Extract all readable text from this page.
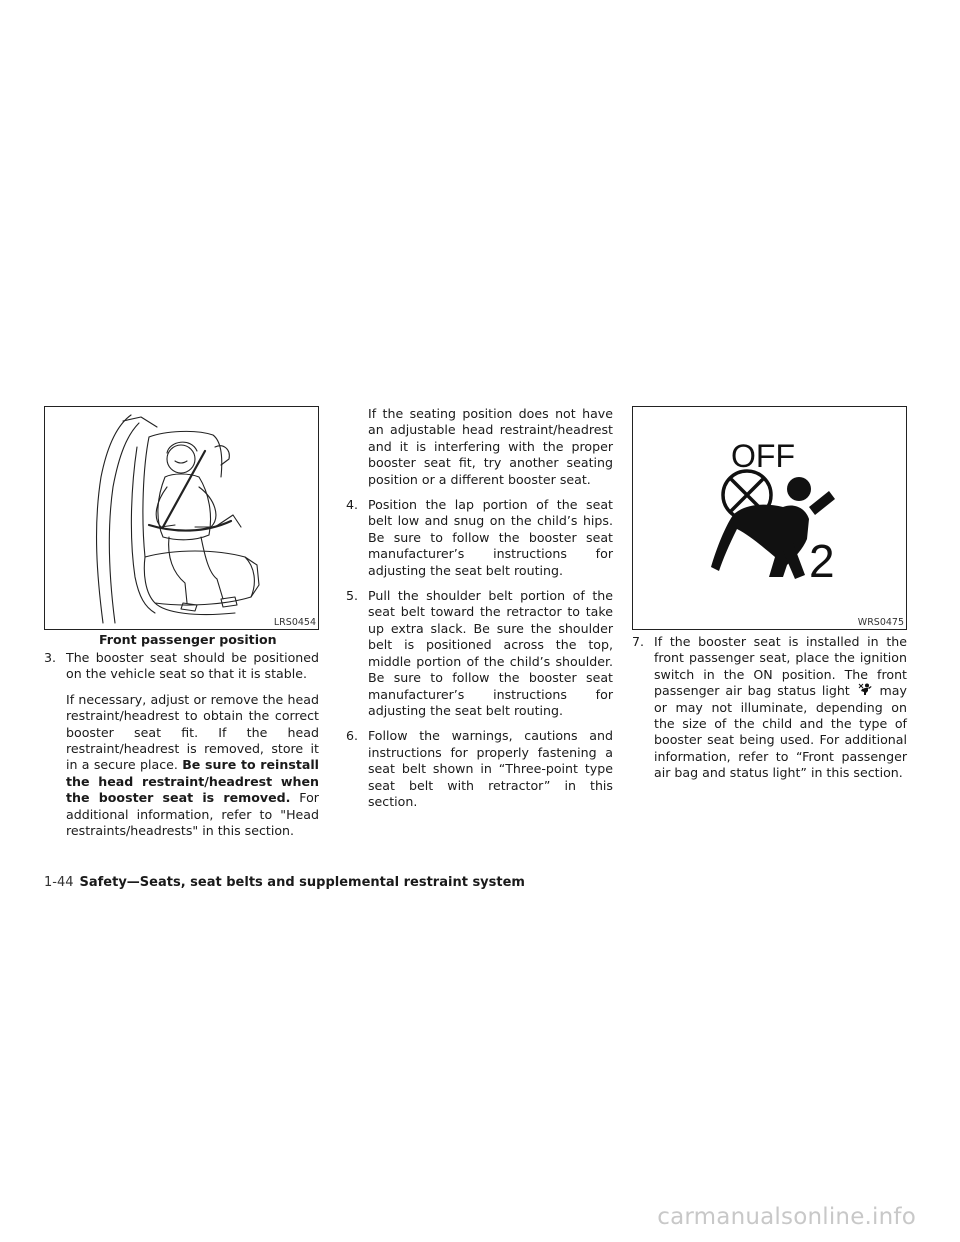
LRS0454
Front passenger position
3. The booster seat should be positioned on the vehicle seat so that it is stable.

If necessary, adjust or remove the head restraint/headrest to obtain the correct booster seat fit. If the head restraint/headrest is removed, store it in a secure place. Be sure to reinstall the head restraint/headrest when the booster seat is removed. For additional information, refer to "Head restraints/headrests" in this section.

If the seating position does not have an adjustable head restraint/headrest and it is interfering with the proper booster seat fit, try another seating position or a different booster seat.

4. Position the lap portion of the seat belt low and snug on the child’s hips. Be sure to follow the booster seat manufacturer’s instructions for adjusting the seat belt routing.

5. Pull the shoulder belt portion of the seat belt toward the retractor to take up extra slack. Be sure the shoulder belt is positioned across the top, middle portion of the child’s shoulder. Be sure to follow the booster seat manufacturer’s instructions for adjusting the seat belt routing.

6. Follow the warnings, cautions and instructions for properly fastening a seat belt shown in “Three-point type seat belt with retractor” in this section.

OFF
2
WRS0475
7. If the booster seat is installed in the front passenger seat, place the ignition switch in the ON position. The front passenger air bag status light may or may not illuminate, depending on the size of the child and the type of booster seat being used. For additional information, refer to “Front passenger air bag and status light” in this section.

1-44 Safety—Seats, seat belts and supplemental restraint system
carmanualsonline.info
